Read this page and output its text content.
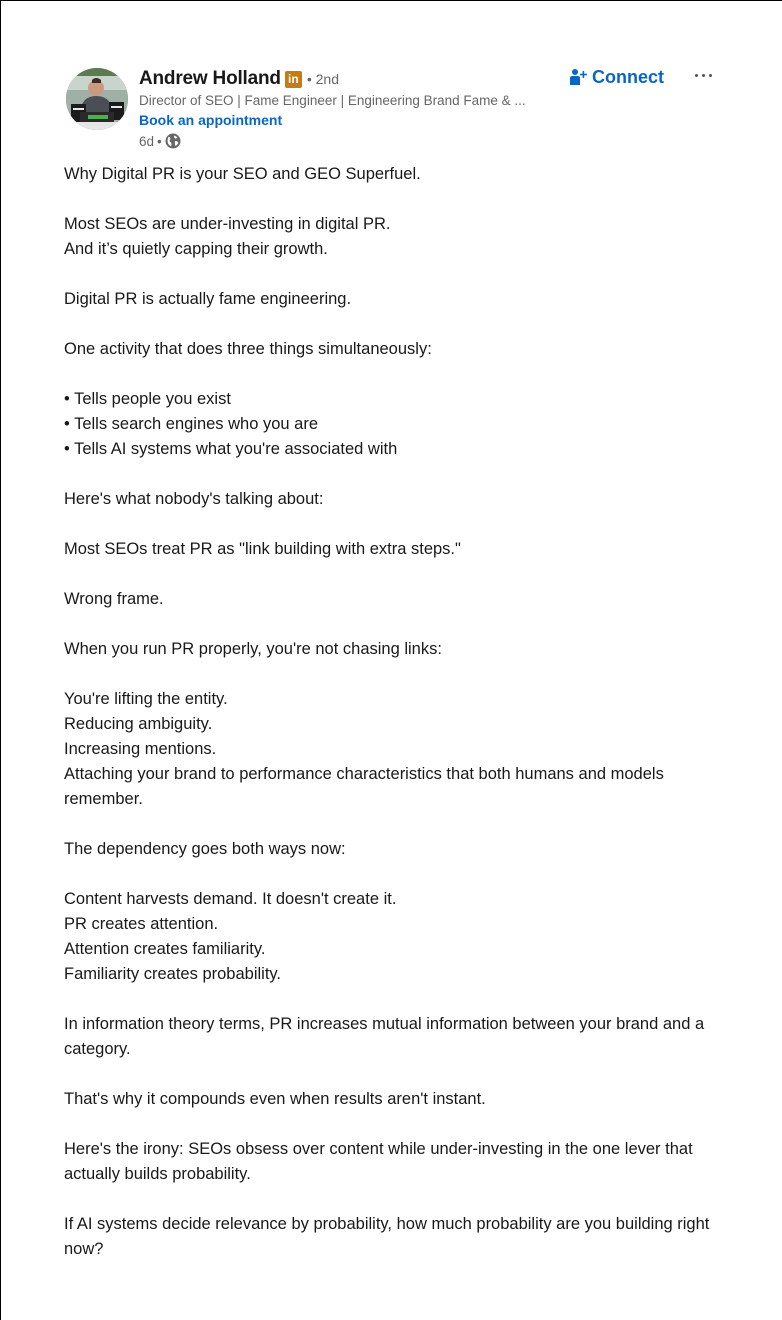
Andrew Holland in • 2nd
Director of SEO | Fame Engineer | Engineering Brand Fame & ...
Book an appointment
6d •
Connect
Why Digital PR is your SEO and GEO Superfuel.
Most SEOs are under-investing in digital PR.
And it’s quietly capping their growth.
Digital PR is actually fame engineering.
One activity that does three things simultaneously:
• Tells people you exist
• Tells search engines who you are
• Tells AI systems what you're associated with
Here's what nobody's talking about:
Most SEOs treat PR as "link building with extra steps."
Wrong frame.
When you run PR properly, you're not chasing links:
You're lifting the entity.
Reducing ambiguity.
Increasing mentions.
Attaching your brand to performance characteristics that both humans and models remember.
The dependency goes both ways now:
Content harvests demand. It doesn't create it.
PR creates attention.
Attention creates familiarity.
Familiarity creates probability.
In information theory terms, PR increases mutual information between your brand and a category.
That's why it compounds even when results aren't instant.
Here's the irony: SEOs obsess over content while under-investing in the one lever that actually builds probability.
If AI systems decide relevance by probability, how much probability are you building right now?
